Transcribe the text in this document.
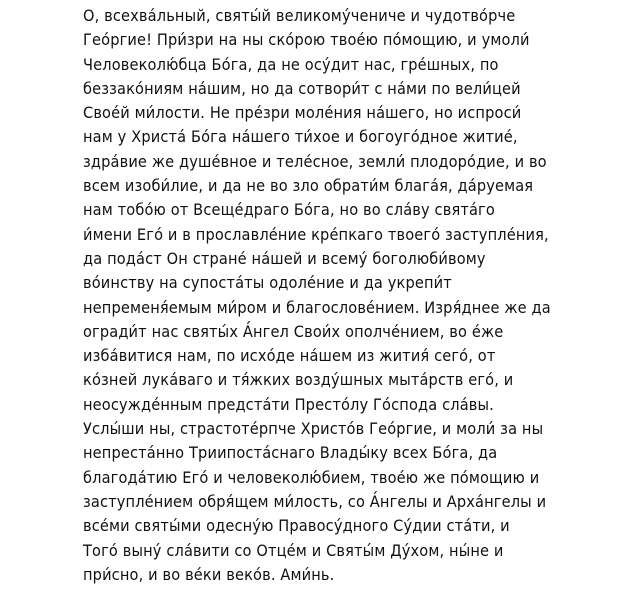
О, всехва́льный, святы́й великому́чениче и чудотво́рче
Гео́ргие! При́зри на ны ско́рою твое́ю по́мощию, и умоли́
Человеколю́бца Бо́га, да не осу́дит нас, гре́шных, по
беззако́ниям на́шим, но да сотвори́т с на́ми по вели́цей
Свое́й ми́лости. Не пре́зри моле́ния на́шего, но испроси́
нам у Христа́ Бо́га на́шего ти́хое и богоуго́дное житие́,
здра́вие же душе́вное и теле́сное, земли́ плодоро́дие, и во
всем изоби́лие, и да не во зло обрати́м блага́я, да́руемая
нам тобо́ю от Всеще́драго Бо́га, но во сла́ву свята́го
и́мени Его́ и в прославле́ние кре́пкаго твоего́ заступле́ния,
да пода́ст Он стране́ на́шей и всему́ боголюби́вому
во́инству на супоста́ты одоле́ние и да укрепи́т
непременя́емым ми́ром и благослове́нием. Изря́днее же да
огради́т нас святы́х А́нгел Свои́х ополче́нием, во е́же
изба́витися нам, по исхо́де на́шем из жития́ сего́, от
ко́зней лука́ваго и тя́жких возду́шных мыта́рств его́, и
неосужде́нным предста́ти Престо́лу Го́спода сла́вы.
Услы́ши ны, страстоте́рпче Христо́в Гео́ргие, и моли́ за ны
непреста́нно Триипоста́снаго Влады́ку всех Бо́га, да
благода́тию Его́ и человеколю́бием, твое́ю же по́мощию и
заступле́нием обря́щем ми́лость, со А́нгелы и Арха́нгелы и
все́ми святы́ми одесну́ю Правосу́дного Су́дии ста́ти, и
Того́ выну́ сла́вити со Отце́м и Святы́м Ду́хом, ны́не и
при́сно, и во ве́ки веко́в. Ами́нь.
